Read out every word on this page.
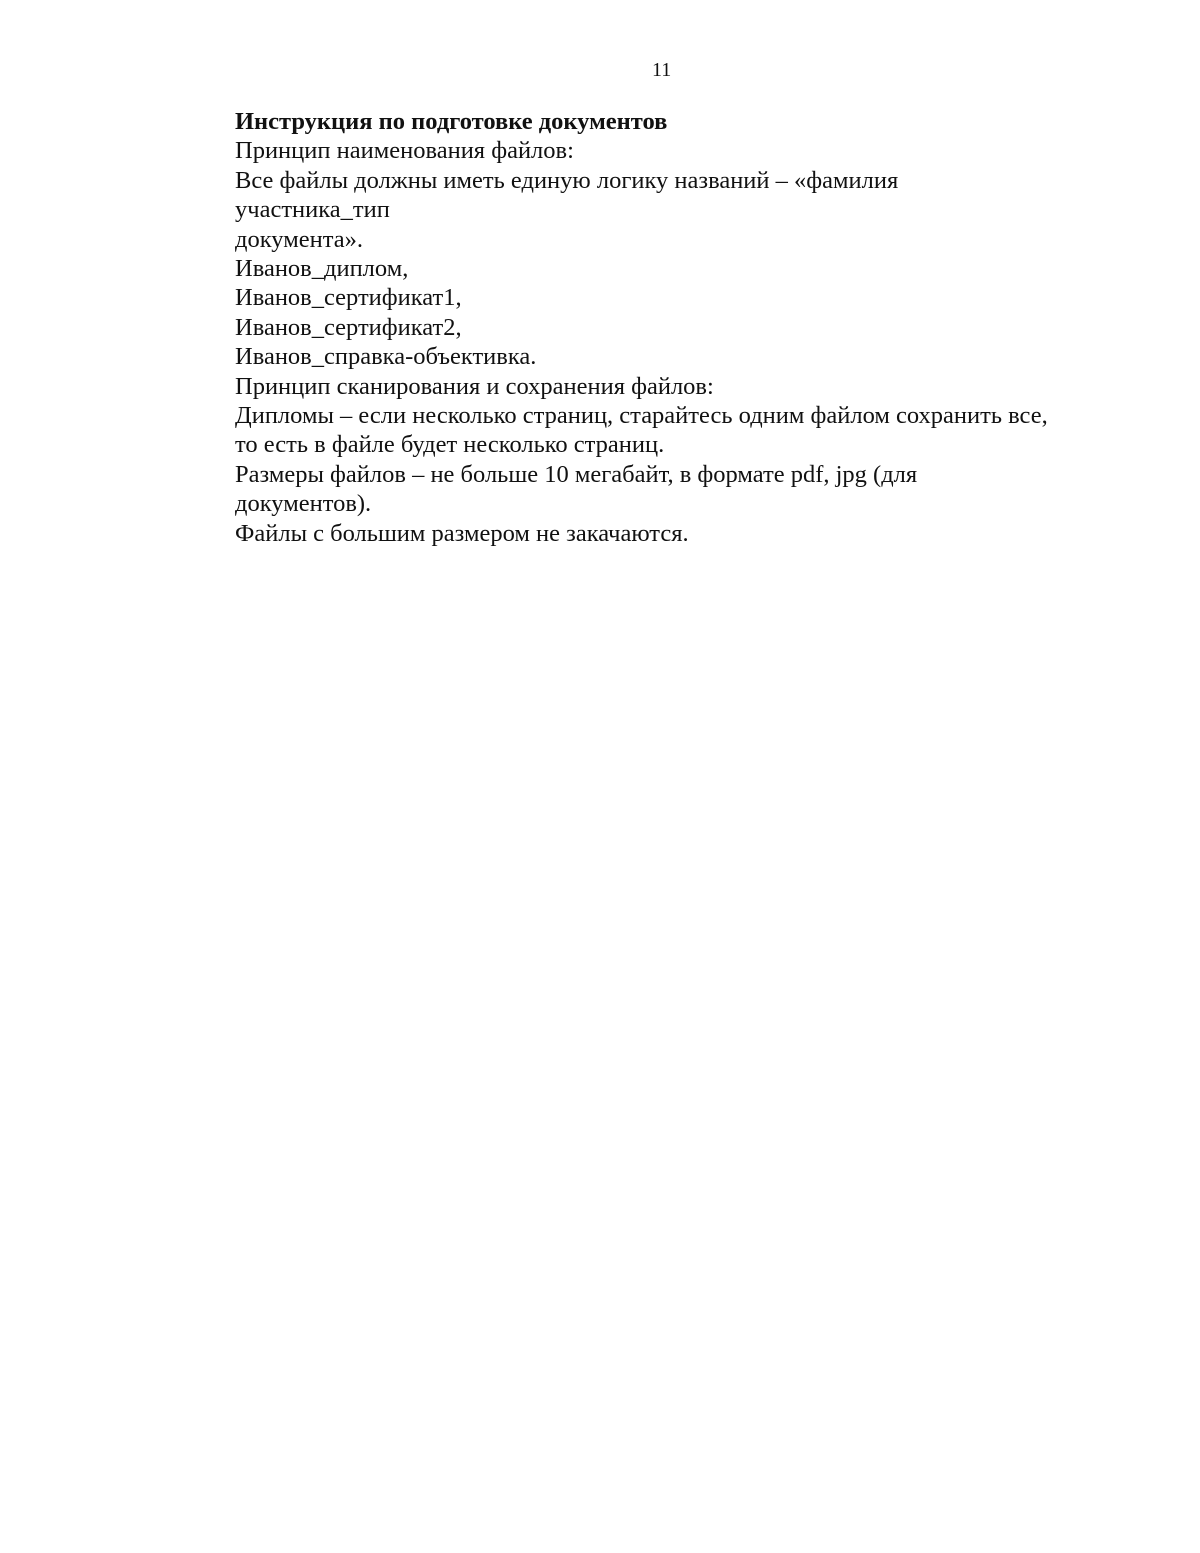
11
Инструкция по подготовке документов
Принцип наименования файлов:
Все файлы должны иметь единую логику названий – «фамилия
участника_тип
документа».
Иванов_диплом,
Иванов_сертификат1,
Иванов_сертификат2,
Иванов_справка-объективка.
Принцип сканирования и сохранения файлов:
Дипломы – если несколько страниц, старайтесь одним файлом сохранить все,
то есть в файле будет несколько страниц.
Размеры файлов – не больше 10 мегабайт, в формате pdf, jpg (для
документов).
Файлы с большим размером не закачаются.
